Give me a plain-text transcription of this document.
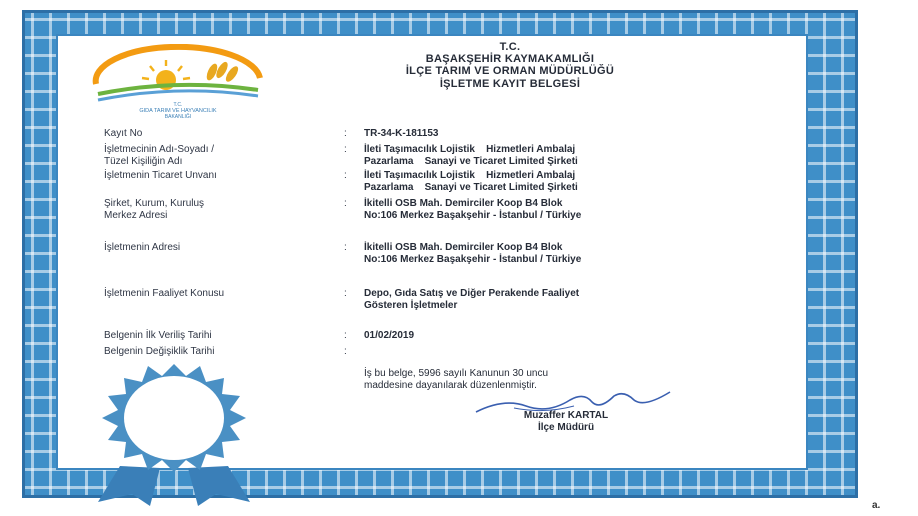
T.C.
GIDA TARIM VE HAYVANCILIK
BAKANLIĞI
T.C.
BAŞAKŞEHİR KAYMAKAMLIĞI
İLÇE TARIM VE ORMAN MÜDÜRLÜĞÜ
İŞLETME KAYIT BELGESİ
Kayıt No	: TR-34-K-181153
İşletmecinin Adı-Soyadı /
Tüzel Kişiliğin Adı
: İleti Taşımacılık Lojistik    Hizmetleri Ambalaj
Pazarlama    Sanayi ve Ticaret Limited Şirketi
İşletmenin Ticaret Unvanı	: İleti Taşımacılık Lojistik    Hizmetleri Ambalaj
Pazarlama    Sanayi ve Ticaret Limited Şirketi
Şirket, Kurum, Kuruluş
Merkez Adresi
: İkitelli OSB Mah. Demirciler Koop B4 Blok
No:106 Merkez Başakşehir - İstanbul / Türkiye
İşletmenin Adresi	: İkitelli OSB Mah. Demirciler Koop B4 Blok
No:106 Merkez Başakşehir - İstanbul / Türkiye
İşletmenin Faaliyet Konusu	: Depo, Gıda Satış ve Diğer Perakende Faaliyet
Gösteren İşletmeler
Belgenin İlk Veriliş Tarihi	: 01/02/2019
Belgenin Değişiklik Tarihi	:
İş bu belge, 5996 sayılı Kanunun 30 uncu
maddesine dayanılarak düzenlenmiştir.
Muzaffer KARTAL
İlçe Müdürü
a.
